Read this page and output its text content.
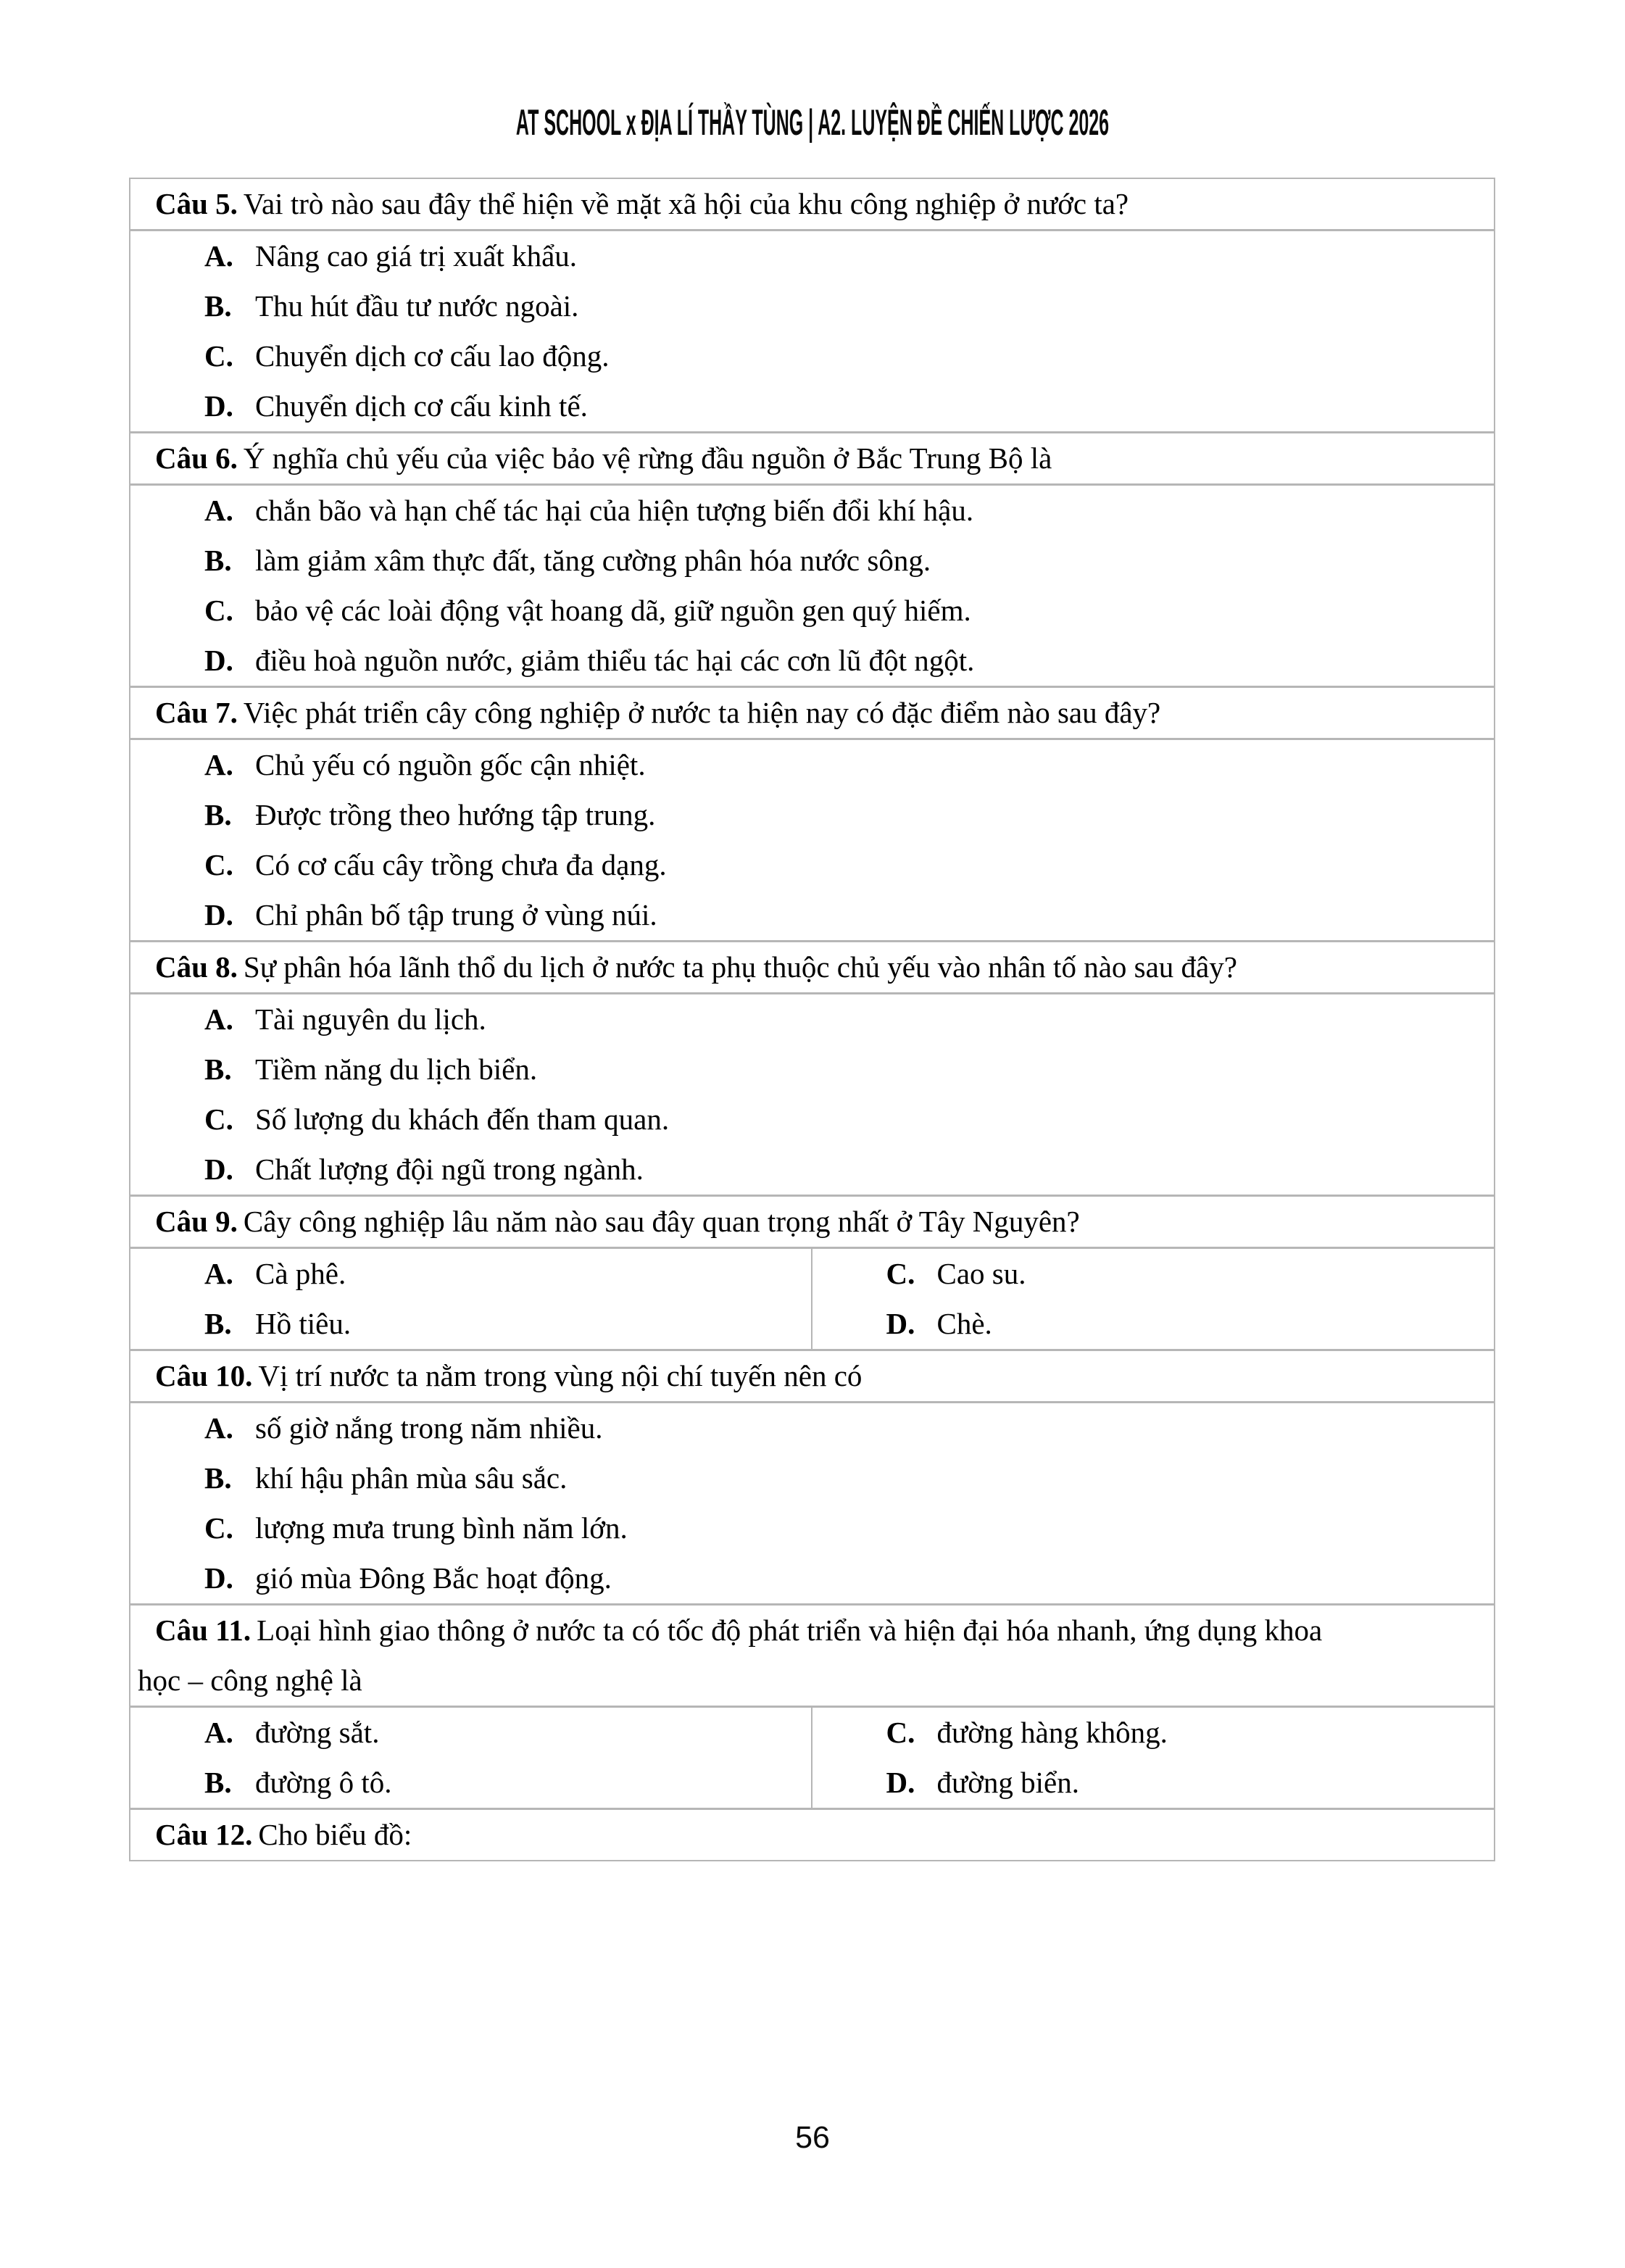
AT SCHOOL x ĐỊA LÍ THẦY TÙNG | A2. LUYỆN ĐỀ CHIẾN LƯỢC 2026
Câu 5. Vai trò nào sau đây thể hiện về mặt xã hội của khu công nghiệp ở nước ta?
A. Nâng cao giá trị xuất khẩu.
B. Thu hút đầu tư nước ngoài.
C. Chuyển dịch cơ cấu lao động.
D. Chuyển dịch cơ cấu kinh tế.
Câu 6. Ý nghĩa chủ yếu của việc bảo vệ rừng đầu nguồn ở Bắc Trung Bộ là
A. chắn bão và hạn chế tác hại của hiện tượng biến đổi khí hậu.
B. làm giảm xâm thực đất, tăng cường phân hóa nước sông.
C. bảo vệ các loài động vật hoang dã, giữ nguồn gen quý hiếm.
D. điều hoà nguồn nước, giảm thiểu tác hại các cơn lũ đột ngột.
Câu 7. Việc phát triển cây công nghiệp ở nước ta hiện nay có đặc điểm nào sau đây?
A. Chủ yếu có nguồn gốc cận nhiệt.
B. Được trồng theo hướng tập trung.
C. Có cơ cấu cây trồng chưa đa dạng.
D. Chỉ phân bố tập trung ở vùng núi.
Câu 8. Sự phân hóa lãnh thổ du lịch ở nước ta phụ thuộc chủ yếu vào nhân tố nào sau đây?
A. Tài nguyên du lịch.
B. Tiềm năng du lịch biển.
C. Số lượng du khách đến tham quan.
D. Chất lượng đội ngũ trong ngành.
Câu 9. Cây công nghiệp lâu năm nào sau đây quan trọng nhất ở Tây Nguyên?
A. Cà phê.
B. Hồ tiêu.
C. Cao su.
D. Chè.
Câu 10. Vị trí nước ta nằm trong vùng nội chí tuyến nên có
A. số giờ nắng trong năm nhiều.
B. khí hậu phân mùa sâu sắc.
C. lượng mưa trung bình năm lớn.
D. gió mùa Đông Bắc hoạt động.
Câu 11. Loại hình giao thông ở nước ta có tốc độ phát triển và hiện đại hóa nhanh, ứng dụng khoa học – công nghệ là
A. đường sắt.
B. đường ô tô.
C. đường hàng không.
D. đường biển.
Câu 12. Cho biểu đồ:
56
